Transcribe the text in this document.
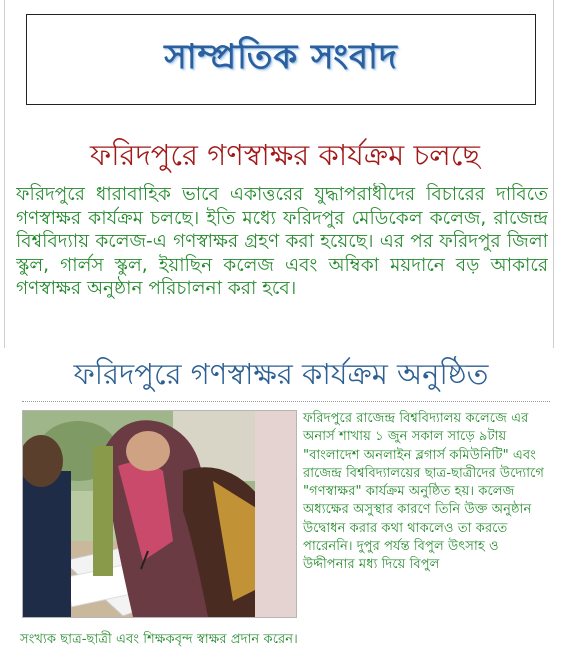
সাম্প্রতিক সংবাদ
ফরিদপুরে গণস্বাক্ষর কার্যক্রম চলছে

ফরিদপুরে ধারাবাহিক ভাবে একাত্তরের যুদ্ধাপরাধীদের বিচারের দাবিতে গণস্বাক্ষর কার্যক্রম চলছে। ইতি মধ্যে ফরিদপুর মেডিকেল কলেজ, রাজেন্দ্র বিশ্ববিদ্যায় কলেজ-এ গণস্বাক্ষর গ্রহণ করা হয়েছে। এর পর ফরিদপুর জিলা স্কুল, গার্লস স্কুল, ইয়াছিন কলেজ এবং অম্বিকা ময়দানে বড় আকারে গণস্বাক্ষর অনুষ্ঠান পরিচালনা করা হবে।

ফরিদপুরে গণস্বাক্ষর কার্যক্রম অনুষ্ঠিত

ফরিদপুরে রাজেন্দ্র বিশ্ববিদ্যালয় কলেজে এর অনার্স শাখায় ১ জুন সকাল সাড়ে ৯টায় "বাংলাদেশ অনলাইন ব্লগার্স কমিউনিটি" এবং রাজেন্দ্র বিশ্ববিদ্যালয়ের ছাত্র-ছাত্রীদের উদ্যোগে "গণস্বাক্ষর" কার্যক্রম অনুষ্ঠিত হয়। কলেজ অধ্যক্ষের অসুস্থার কারণে তিনি উক্ত অনুষ্ঠান উদ্বোধন করার কথা থাকলেও তা করতে পারেননি। দুপুর পর্যন্ত বিপুল উৎসাহ ও উদ্দীপনার মধ্য দিয়ে বিপুল

সংখ্যক ছাত্র-ছাত্রী এবং শিক্ষকবৃন্দ স্বাক্ষর প্রদান করেন।
